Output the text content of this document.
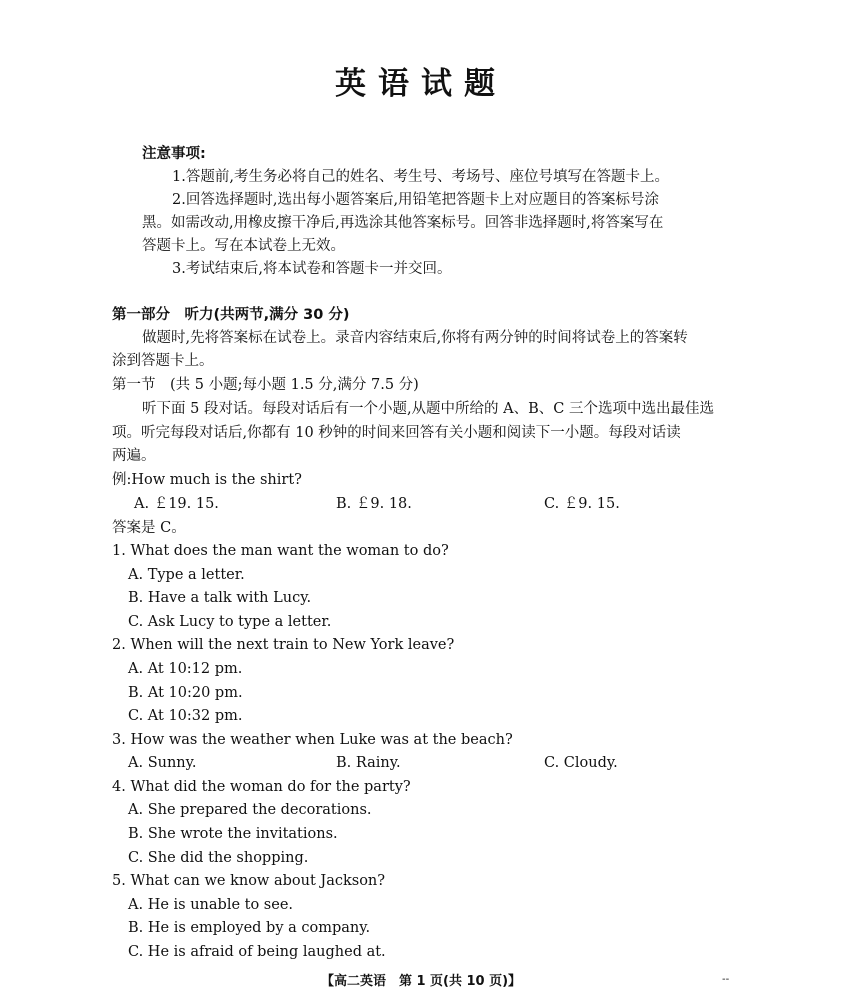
英语试题
注意事项:
1.答题前,考生务必将自己的姓名、考生号、考场号、座位号填写在答题卡上。
2.回答选择题时,选出每小题答案后,用铅笔把答题卡上对应题目的答案标号涂
黑。如需改动,用橡皮擦干净后,再选涂其他答案标号。回答非选择题时,将答案写在
答题卡上。写在本试卷上无效。
3.考试结束后,将本试卷和答题卡一并交回。
第一部分　听力(共两节,满分 30 分)
做题时,先将答案标在试卷上。录音内容结束后,你将有两分钟的时间将试卷上的答案转
涂到答题卡上。
第一节　(共 5 小题;每小题 1.5 分,满分 7.5 分)
听下面 5 段对话。每段对话后有一个小题,从题中所给的 A、B、C 三个选项中选出最佳选
项。听完每段对话后,你都有 10 秒钟的时间来回答有关小题和阅读下一小题。每段对话读
两遍。
例:How much is the shirt?
A. ￡19. 15.	B. ￡9. 18.	C. ￡9. 15.
答案是 C。
1. What does the man want the woman to do?
A. Type a letter.
B. Have a talk with Lucy.
C. Ask Lucy to type a letter.
2. When will the next train to New York leave?
A. At 10:12 pm.
B. At 10:20 pm.
C. At 10:32 pm.
3. How was the weather when Luke was at the beach?
A. Sunny.	B. Rainy.	C. Cloudy.
4. What did the woman do for the party?
A. She prepared the decorations.
B. She wrote the invitations.
C. She did the shopping.
5. What can we know about Jackson?
A. He is unable to see.
B. He is employed by a company.
C. He is afraid of being laughed at.
【高二英语　第 1 页(共 10 页)】	--
